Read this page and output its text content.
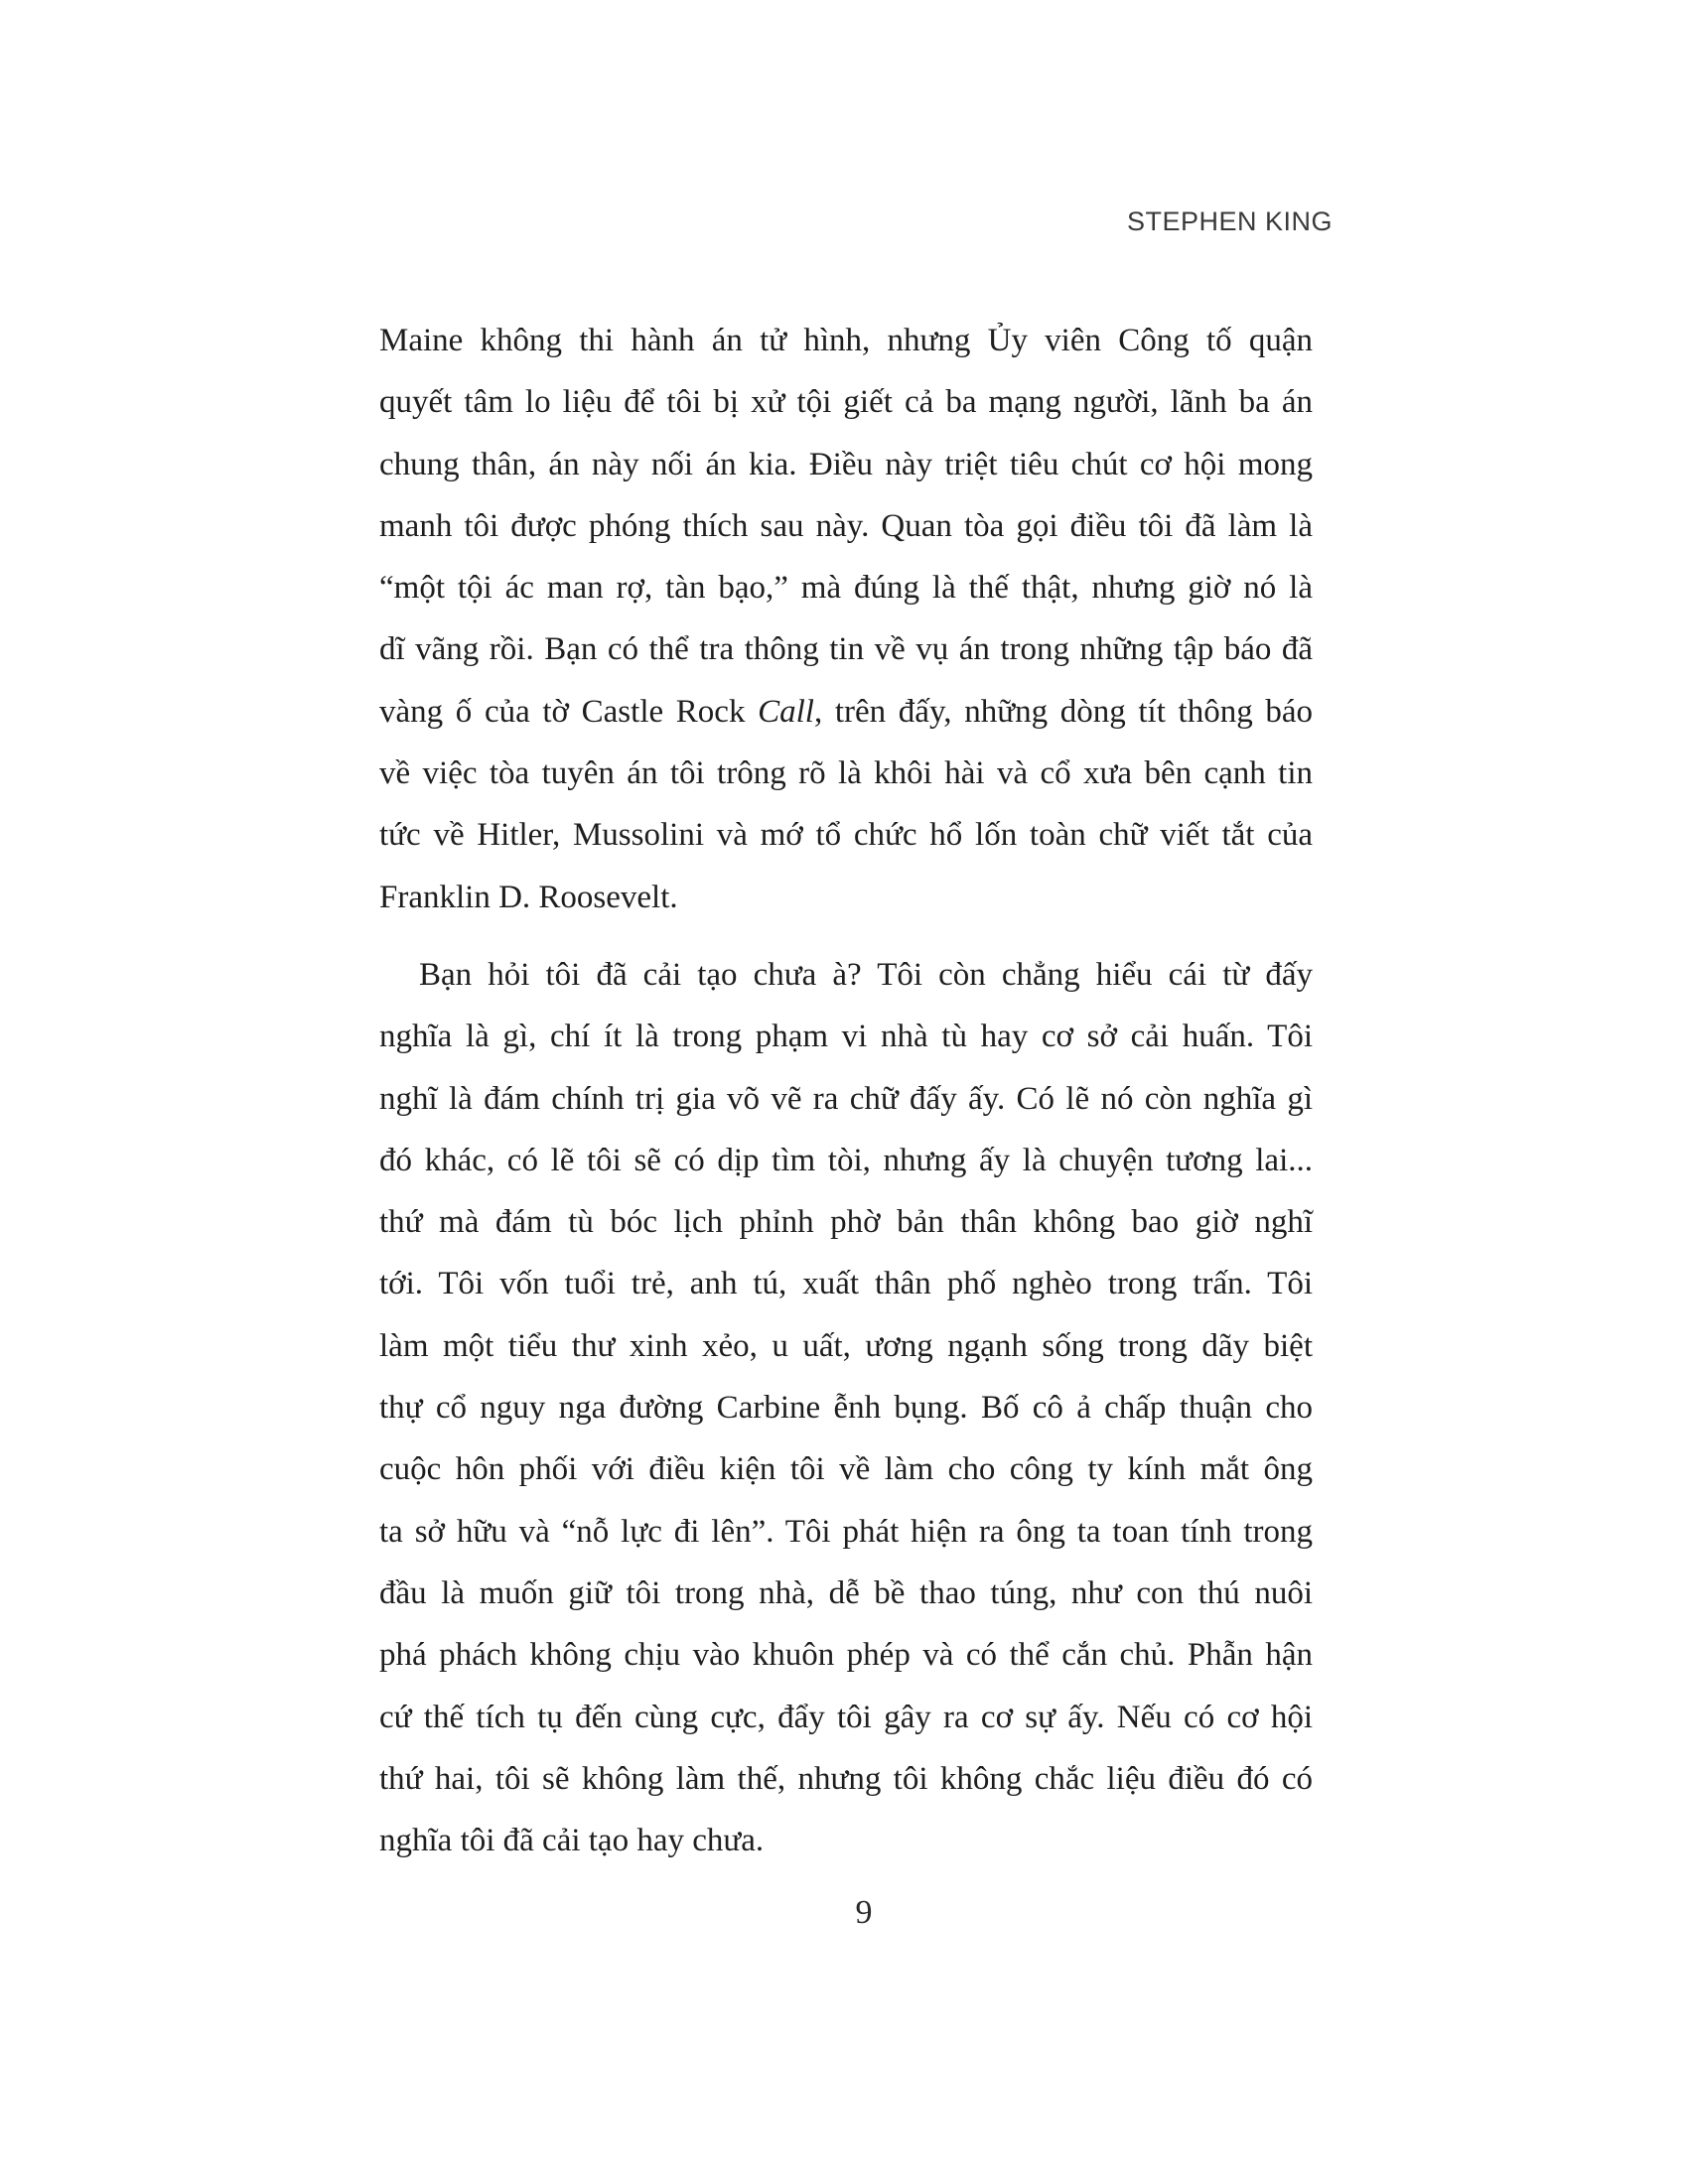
STEPHEN KING

Maine không thi hành án tử hình, nhưng Ủy viên Công tố quận
quyết tâm lo liệu để tôi bị xử tội giết cả ba mạng người, lãnh ba án
chung thân, án này nối án kia. Điều này triệt tiêu chút cơ hội mong
manh tôi được phóng thích sau này. Quan tòa gọi điều tôi đã làm là
“một tội ác man rợ, tàn bạo,” mà đúng là thế thật, nhưng giờ nó là
dĩ vãng rồi. Bạn có thể tra thông tin về vụ án trong những tập báo đã
vàng ố của tờ Castle Rock Call, trên đấy, những dòng tít thông báo
về việc tòa tuyên án tôi trông rõ là khôi hài và cổ xưa bên cạnh tin
tức về Hitler, Mussolini và mớ tổ chức hổ lốn toàn chữ viết tắt của
Franklin D. Roosevelt.

Bạn hỏi tôi đã cải tạo chưa à? Tôi còn chẳng hiểu cái từ đấy
nghĩa là gì, chí ít là trong phạm vi nhà tù hay cơ sở cải huấn. Tôi
nghĩ là đám chính trị gia võ vẽ ra chữ đấy ấy. Có lẽ nó còn nghĩa gì
đó khác, có lẽ tôi sẽ có dịp tìm tòi, nhưng ấy là chuyện tương lai...
thứ mà đám tù bóc lịch phỉnh phờ bản thân không bao giờ nghĩ
tới. Tôi vốn tuổi trẻ, anh tú, xuất thân phố nghèo trong trấn. Tôi
làm một tiểu thư xinh xẻo, u uất, ương ngạnh sống trong dãy biệt
thự cổ nguy nga đường Carbine ễnh bụng. Bố cô ả chấp thuận cho
cuộc hôn phối với điều kiện tôi về làm cho công ty kính mắt ông
ta sở hữu và “nỗ lực đi lên”. Tôi phát hiện ra ông ta toan tính trong
đầu là muốn giữ tôi trong nhà, dễ bề thao túng, như con thú nuôi
phá phách không chịu vào khuôn phép và có thể cắn chủ. Phẫn hận
cứ thế tích tụ đến cùng cực, đẩy tôi gây ra cơ sự ấy. Nếu có cơ hội
thứ hai, tôi sẽ không làm thế, nhưng tôi không chắc liệu điều đó có
nghĩa tôi đã cải tạo hay chưa.

9
